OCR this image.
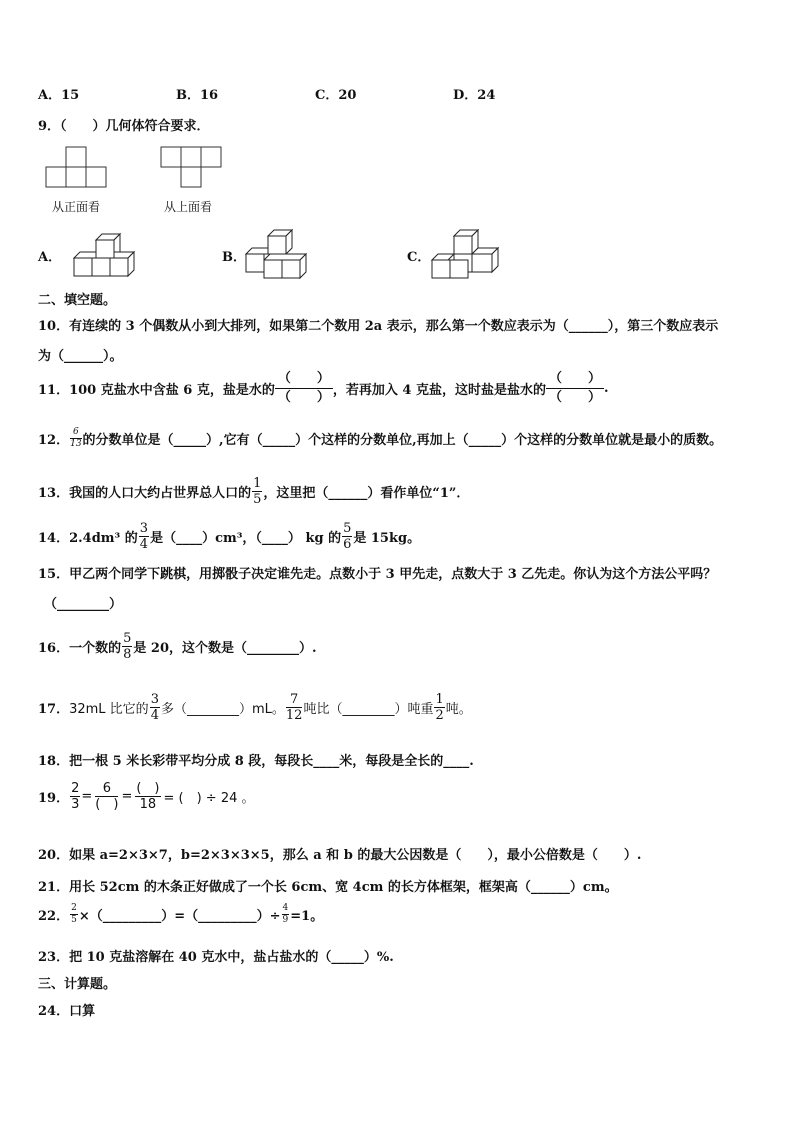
A．15	B．16	C．20	D．24
9．（　　）几何体符合要求．
从正面看	从上面看
A．	B．	C．
二、填空题。
10．有连续的 3 个偶数从小到大排列，如果第二个数用 2a 表示，那么第一个数应表示为（______），第三个数应表示
为（______）。
11．100 克盐水中含盐 6 克，盐是水的
（　　）
（　　） ，若再加入 4 克盐，这时盐是盐水的
（　　）
（　　）
.
12． $\frac{6}{13}$ 的分数单位是（_____）,它有（_____）个这样的分数单位,再加上（_____）个这样的分数单位就是最小的质数。
13．我国的人口大约占世界总人口的 $\frac{1}{5}$ ，这里把（______）看作单位“1”．
14．2.4dm³ 的 $\frac{3}{4}$ 是（____）cm³，（____） kg 的 $\frac{5}{6}$ 是 15kg。
15．甲乙两个同学下跳棋，用掷骰子决定谁先走。点数小于 3 甲先走，点数大于 3 乙先走。你认为这个方法公平吗？
（________）
16．一个数的 $\frac{5}{8}$ 是 20，这个数是（________）.
17． 32mL 比它的 $\frac{3}{4}$ 多（________）mL。 $\frac{7}{12}$ 吨比（________）吨重 $\frac{1}{2}$ 吨。
18．把一根 5 米长彩带平均分成 8 段，每段长____米，每段是全长的____.
19． $\frac{2}{3} = \frac{6}{( )} = \frac{( )}{18}$ = (　) ÷ 24 。
20．如果 a=2×3×7，b=2×3×3×5，那么 a 和 b 的最大公因数是（　　），最小公倍数是（　　）.
21．用长 52cm 的木条正好做成了一个长 6cm、宽 4cm 的长方体框架，框架高（______）cm。
22． $\frac{2}{5}$ ×（_________）=（_________）÷ $\frac{4}{9} =1$。
23．把 10 克盐溶解在 40 克水中，盐占盐水的（_____）%.
三、计算题。
24．口算
